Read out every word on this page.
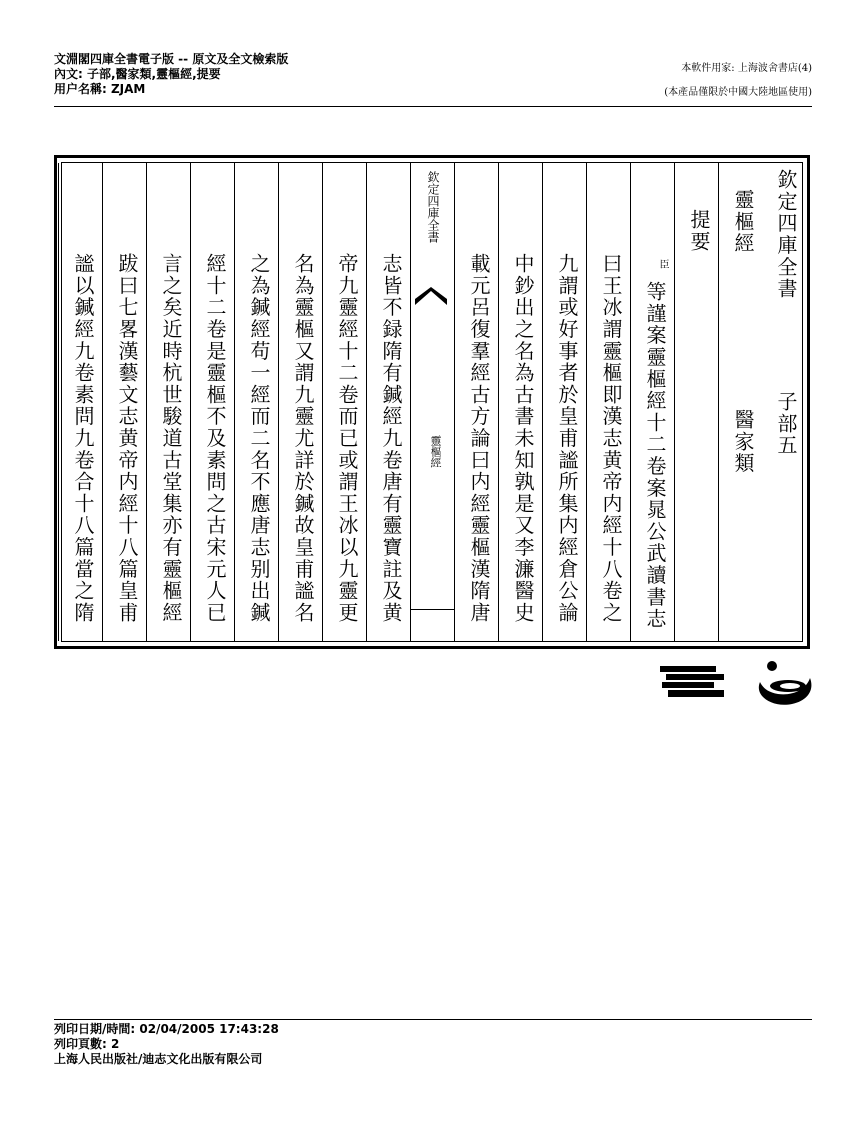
文淵閣四庫全書電子版 -- 原文及全文檢索版
內文: 子部,醫家類,靈樞經,提要
用户名稱: ZJAM
本軟件用家: 上海波舍書店(4)
(本產品僅限於中國大陸地區使用)
欽定四庫全書
子部五
靈樞經
醫家類
提要
等謹案靈樞經十二卷案晁公武讀書志
臣
曰王冰謂靈樞即漢志黄帝内經十八卷之
九謂或好事者於皇甫謐所集内經倉公論
中鈔出之名為古書未知孰是又李濂醫史
載元呂復羣經古方論曰内經靈樞漢隋唐
欽定四庫全書
靈樞經
志皆不録隋有鍼經九卷唐有靈寶註及黄
帝九靈經十二卷而已或謂王冰以九靈更
名為靈樞又謂九靈尤詳於鍼故皇甫謐名
之為鍼經苟一經而二名不應唐志别出鍼
經十二卷是靈樞不及素問之古宋元人已
言之矣近時杭世駿道古堂集亦有靈樞經
跋曰七畧漢藝文志黄帝内經十八篇皇甫
謐以鍼經九卷素問九卷合十八篇當之隋
列印日期/時間: 02/04/2005 17:43:28
列印頁數: 2
上海人民出版社/迪志文化出版有限公司
